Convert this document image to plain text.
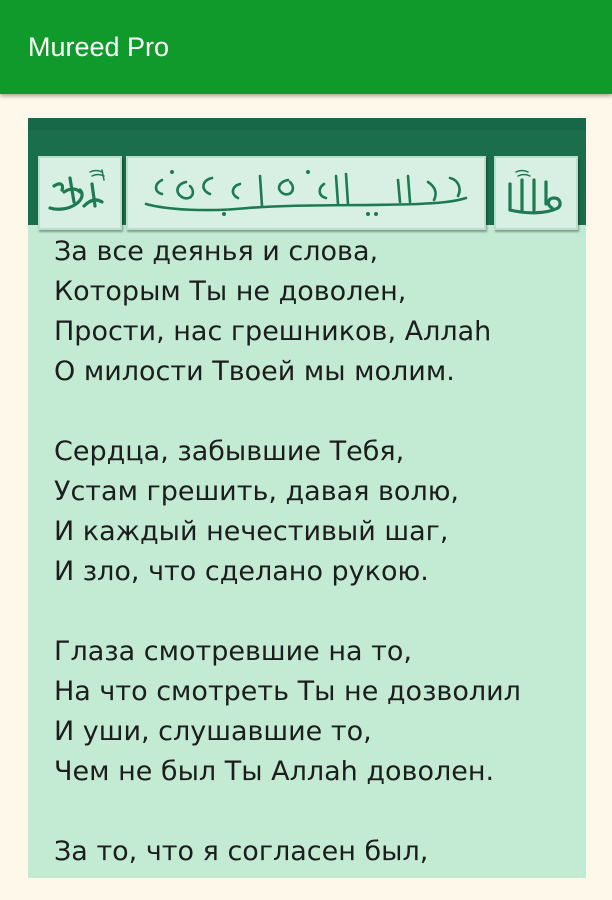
Mureed Pro
За все деянья и слова,
Которым Ты не доволен,
Прости, нас грешников, Аллаһ
О милости Твоей мы молим.
Сердца, забывшие Тебя,
Устам грешить, давая волю,
И каждый нечестивый шаг,
И зло, что сделано рукою.
Глаза смотревшие на то,
На что смотреть Ты не дозволил
И уши, слушавшие то,
Чем не был Ты Аллаһ доволен.
За то, что я согласен был,
